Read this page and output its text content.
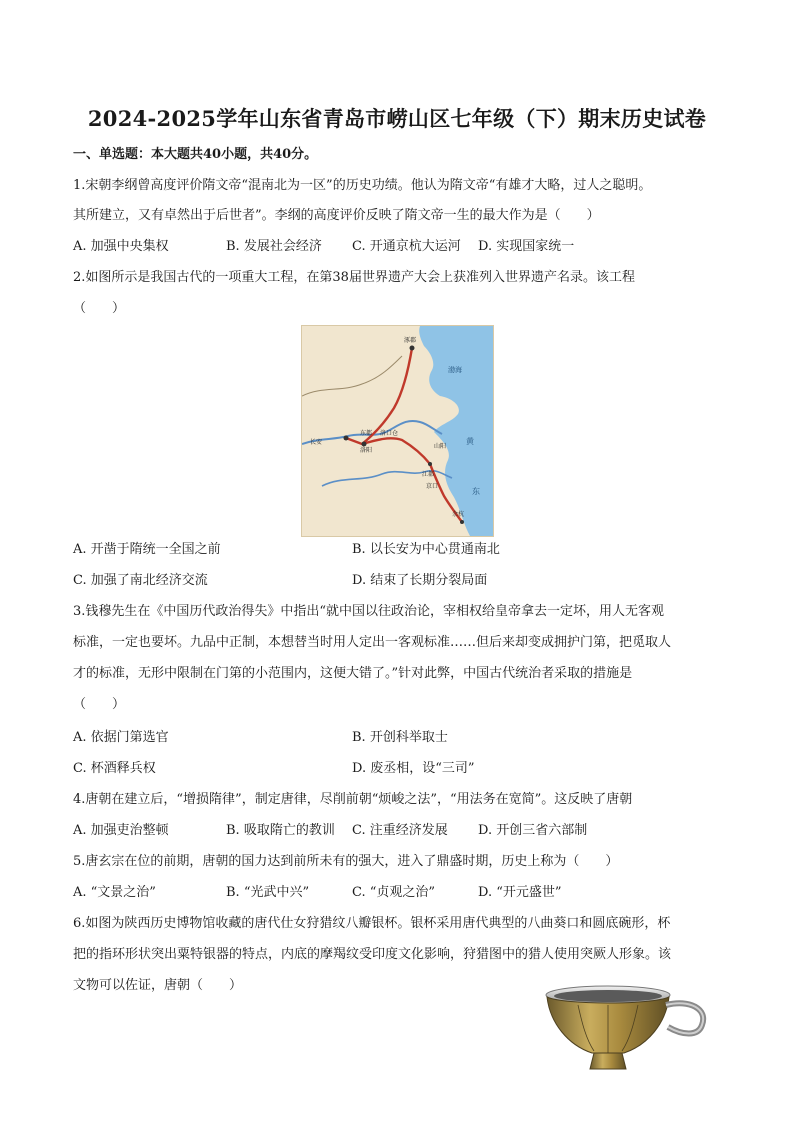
2024-2025学年山东省青岛市崂山区七年级（下）期末历史试卷
一、单选题：本大题共40小题，共40分。
1.宋朝李纲曾高度评价隋文帝“混南北为一区”的历史功绩。他认为隋文帝“有雄才大略，过人之聪明。
其所建立，又有卓然出于后世者”。李纲的高度评价反映了隋文帝一生的最大作为是（　　）
A. 加强中央集权	B. 发展社会经济 C. 开通京杭大运河 D. 实现国家统一
2.如图所示是我国古代的一项重大工程，在第38届世界遗产大会上获准列入世界遗产名录。该工程
（　　）
涿郡
渤海
黄
长安
东都
洛阳
洛口仓
山阳
江都
京口
余杭
东
A. 开凿于隋统一全国之前	B. 以长安为中心贯通南北
C. 加强了南北经济交流	D. 结束了长期分裂局面
3.钱穆先生在《中国历代政治得失》中指出“就中国以往政治论，宰相权给皇帝拿去一定坏，用人无客观
标准，一定也要坏。九品中正制，本想替当时用人定出一客观标准……但后来却变成拥护门第，把觅取人
才的标准，无形中限制在门第的小范围内，这便大错了。”针对此弊，中国古代统治者采取的措施是
（　　）
A. 依据门第选官	B. 开创科举取士
C. 杯酒释兵权	D. 废丞相，设“三司”
4.唐朝在建立后，“增损隋律”，制定唐律，尽削前朝“烦峻之法”，“用法务在宽简”。这反映了唐朝
A. 加强吏治整顿	B. 吸取隋亡的教训 C. 注重经济发展 D. 开创三省六部制
5.唐玄宗在位的前期，唐朝的国力达到前所未有的强大，进入了鼎盛时期，历史上称为（　　）
A. “文景之治”	B. “光武中兴”	C. “贞观之治”	D. “开元盛世”
6.如图为陕西历史博物馆收藏的唐代仕女狩猎纹八瓣银杯。银杯采用唐代典型的八曲葵口和圆底碗形，杯
把的指环形状突出粟特银器的特点，内底的摩羯纹受印度文化影响，狩猎图中的猎人使用突厥人形象。该
文物可以佐证，唐朝（　　）
